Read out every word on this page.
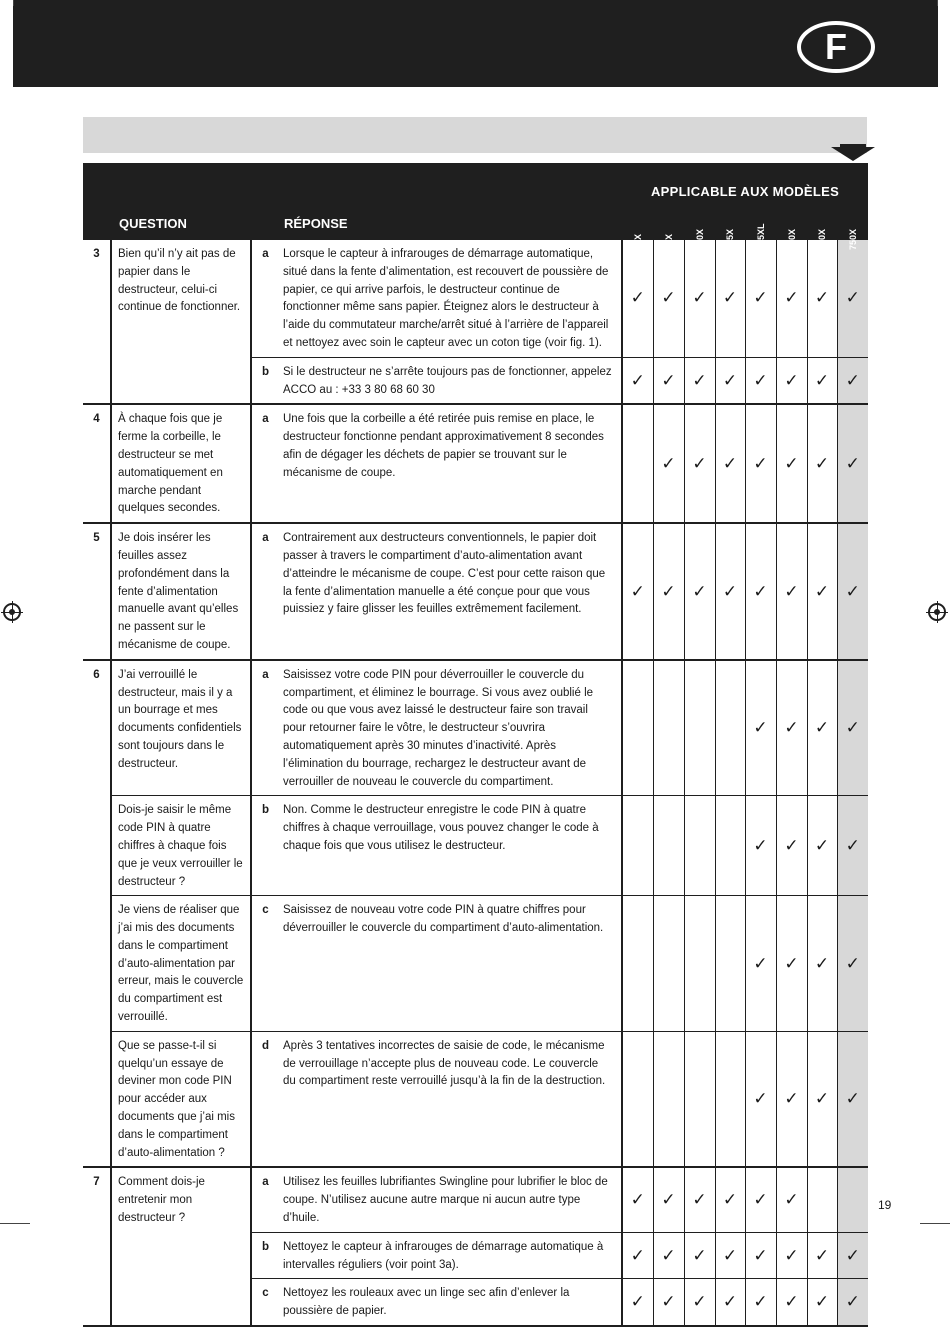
F
				APPLICABLE AUX MODÈLES							
QUESTION		RÉPONSE		60X	80X	100X	175X	175XL	250X	500X	750X

3	Bien qu’il n’y ait pas de papier dans le destructeur, celui-ci continue de fonctionner.	a	Lorsque le capteur à infrarouges de démarrage automatique, situé dans la fente d’alimentation, est recouvert de poussière de papier, ce qui arrive parfois, le destructeur continue de fonctionner même sans papier. Éteignez alors le destructeur à l’aide du commutateur marche/arrêt situé à l’arrière de l’appareil et nettoyez avec soin le capteur avec un coton tige (voir fig. 1).	✓	✓	✓	✓	✓	✓	✓	✓
		b	Si le destructeur ne s’arrête toujours pas de fonctionner, appelez ACCO au : +33 3 80 68 60 30	✓	✓	✓	✓	✓	✓	✓	✓
4	À chaque fois que je ferme la corbeille, le destructeur se met automatiquement en marche pendant quelques secondes.	a	Une fois que la corbeille a été retirée puis remise en place, le destructeur fonctionne pendant approximativement 8 secondes afin de dégager les déchets de papier se trouvant sur le mécanisme de coupe.		✓	✓	✓	✓	✓	✓	✓
5	Je dois insérer les feuilles assez profondément dans la fente d’alimentation manuelle avant qu’elles ne passent sur le mécanisme de coupe.	a	Contrairement aux destructeurs conventionnels, le papier doit passer à travers le compartiment d’auto-alimentation avant d’atteindre le mécanisme de coupe. C’est pour cette raison que la fente d’alimentation manuelle a été conçue pour que vous puissiez y faire glisser les feuilles extrêmement facilement.	✓	✓	✓	✓	✓	✓	✓	✓
6	J’ai verrouillé le destructeur, mais il y a un bourrage et mes documents confidentiels sont toujours dans le destructeur.	a	Saisissez votre code PIN pour déverrouiller le couvercle du compartiment, et éliminez le bourrage. Si vous avez oublié le code ou que vous avez laissé le destructeur faire son travail pour retourner faire le vôtre, le destructeur s’ouvrira automatiquement après 30 minutes d’inactivité. Après l’élimination du bourrage, rechargez le destructeur avant de verrouiller de nouveau le couvercle du compartiment.					✓	✓	✓	✓
	Dois-je saisir le même code PIN à quatre chiffres à chaque fois que je veux verrouiller le destructeur ?	b	Non. Comme le destructeur enregistre le code PIN à quatre chiffres à chaque verrouillage, vous pouvez changer le code à chaque fois que vous utilisez le destructeur.					✓	✓	✓	✓
	Je viens de réaliser que j’ai mis des documents dans le compartiment d’auto-alimentation par erreur, mais le couvercle du compartiment est verrouillé.	c	Saisissez de nouveau votre code PIN à quatre chiffres pour déverrouiller le couvercle du compartiment d’auto-alimentation.					✓	✓	✓	✓
	Que se passe-t-il si quelqu’un essaye de deviner mon code PIN pour accéder aux documents que j’ai mis dans le compartiment d’auto-alimentation ?	d	Après 3 tentatives incorrectes de saisie de code, le mécanisme de verrouillage n’accepte plus de nouveau code. Le couvercle du compartiment reste verrouillé jusqu’à la fin de la destruction.					✓	✓	✓	✓
7	Comment dois-je entretenir mon destructeur ?	a	Utilisez les feuilles lubrifiantes Swingline pour lubrifier le bloc de coupe. N’utilisez aucune autre marque ni aucun autre type d’huile.	✓	✓	✓	✓	✓	✓		
		b	Nettoyez le capteur à infrarouges de démarrage automatique à intervalles réguliers (voir point 3a).	✓	✓	✓	✓	✓	✓	✓	✓
		c	Nettoyez les rouleaux avec un linge sec afin d’enlever la poussière de papier.	✓	✓	✓	✓	✓	✓	✓	✓
19
